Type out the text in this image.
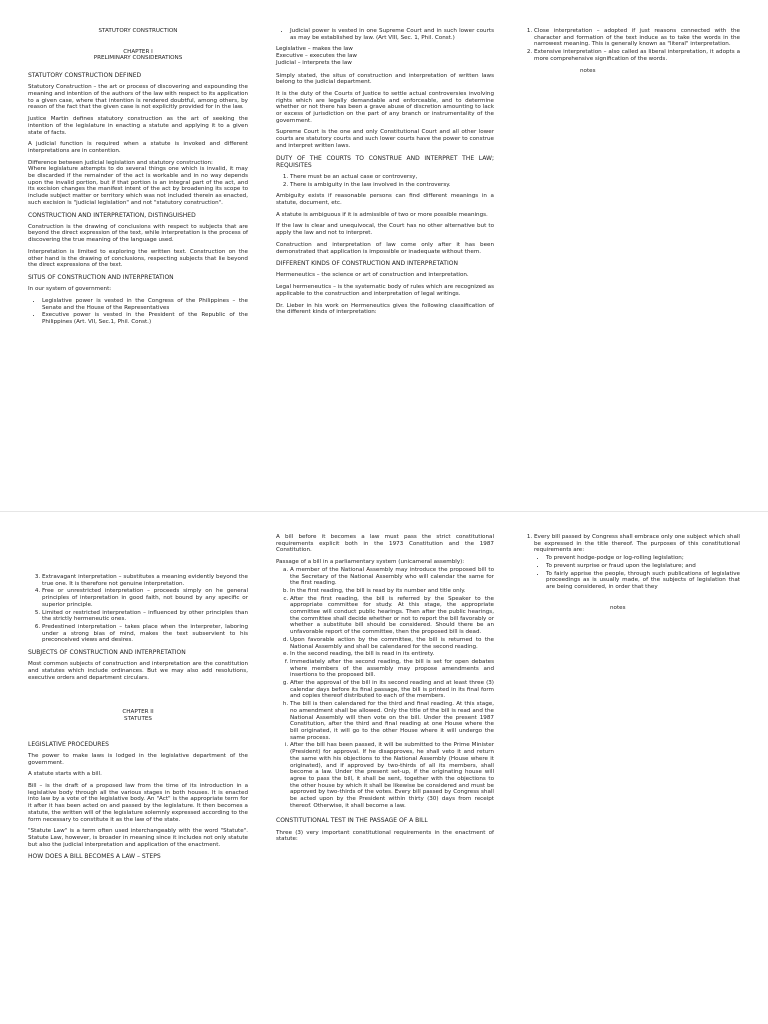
STATUTORY CONSTRUCTION

CHAPTER I

PRELIMINARY CONSIDERATIONS

STATUTORY CONSTRUCTION DEFINED

Statutory Construction – the art or process of discovering and expounding the meaning and intention of the authors of the law with respect to its application to a given case, where that intention is rendered doubtful, among others, by reason of the fact that the given case is not explicitly provided for in the law.

Justice Martin defines statutory construction as the art of seeking the intention of the legislature in enacting a statute and applying it to a given state of facts.

A judicial function is required when a statute is invoked and different interpretations are in contention.

Difference between judicial legislation and statutory construction:

Where legislature attempts to do several things one which is invalid, it may be discarded if the remainder of the act is workable and in no way depends upon the invalid portion, but if that portion is an integral part of the act, and its excision changes the manifest intent of the act by broadening its scope to include subject matter or territory which was not included therein as enacted, such excision is "judicial legislation" and not "statutory construction".

CONSTRUCTION AND INTERPRETATION, DISTINGUISHED

Construction is the drawing of conclusions with respect to subjects that are beyond the direct expression of the text, while interpretation is the process of discovering the true meaning of the language used.

Interpretation is limited to exploring the written text. Construction on the other hand is the drawing of conclusions, respecting subjects that lie beyond the direct expressions of the text.

SITUS OF CONSTRUCTION AND INTERPRETATION

In our system of government:

• Legislative power is vested in the Congress of the Philippines – the Senate and the House of the Representatives
• Executive power is vested in the President of the Republic of the Philippines (Art. VII, Sec.1, Phil. Const.)
• Judicial power is vested in one Supreme Court and in such lower courts as may be established by law. (Art VIII, Sec. 1, Phil. Const.)

Legislative – makes the law

Executive – executes the law

Judicial – interprets the law

Simply stated, the situs of construction and interpretation of written laws belong to the judicial department.

It is the duty of the Courts of Justice to settle actual controversies involving rights which are legally demandable and enforceable, and to determine whether or not there has been a grave abuse of discretion amounting to lack or excess of jurisdiction on the part of any branch or instrumentality of the government.

Supreme Court is the one and only Constitutional Court and all other lower courts are statutory courts and such lower courts have the power to construe and interpret written laws.

DUTY OF THE COURTS TO CONSTRUE AND INTERPRET THE LAW; REQUISITES

1. There must be an actual case or controversy,
2. There is ambiguity in the law involved in the controversy.

Ambiguity exists if reasonable persons can find different meanings in a statute, document, etc.

A statute is ambiguous if it is admissible of two or more possible meanings.

If the law is clear and unequivocal, the Court has no other alternative but to apply the law and not to interpret.

Construction and interpretation of law come only after it has been demonstrated that application is impossible or inadequate without them.

DIFFERENT KINDS OF CONSTRUCTION AND INTERPRETATION

Hermeneutics – the science or art of construction and interpretation.

Legal hermeneutics – is the systematic body of rules which are recognized as applicable to the construction and interpretation of legal writings.

Dr. Lieber in his work on Hermeneutics gives the following classification of the different kinds of interpretation:

1. Close interpretation – adopted if just reasons connected with the character and formation of the text induce as to take the words in the narrowest meaning. This is generally known as "literal" interpretation.
2. Extensive interpretation – also called as liberal interpretation, it adopts a more comprehensive signification of the words.

notes

3. Extravagant interpretation – substitutes a meaning evidently beyond the true one. It is therefore not genuine interpretation.
4. Free or unrestricted interpretation – proceeds simply on he general principles of interpretation in good faith, not bound by any specific or superior principle.
5. Limited or restricted interpretation – influenced by other principles than the strictly hermeneutic ones.
6. Predestined interpretation – takes place when the interpreter, laboring under a strong bias of mind, makes the text subservient to his preconceived views and desires.

SUBJECTS OF CONSTRUCTION AND INTERPRETATION

Most common subjects of construction and interpretation are the constitution and statutes which include ordinances. But we may also add resolutions, executive orders and department circulars.

CHAPTER II

STATUTES

LEGISLATIVE PROCEDURES

The power to make laws is lodged in the legislative department of the government.

A statute starts with a bill.

Bill – is the draft of a proposed law from the time of its introduction in a legislative body through all the various stages in both houses. It is enacted into law by a vote of the legislative body. An "Act" is the appropriate term for it after it has been acted on and passed by the legislature. It then becomes a statute, the written will of the legislature solemnly expressed according to the form necessary to constitute it as the law of the state.

"Statute Law" is a term often used interchangeably with the word "Statute". Statute Law, however, is broader in meaning since it includes not only statute but also the judicial interpretation and application of the enactment.

HOW DOES A BILL BECOMES A LAW – STEPS

A bill before it becomes a law must pass the strict constitutional requirements explicit both in the 1973 Constitution and the 1987 Constitution.

Passage of a bill in a parliamentary system (unicameral assembly):

a. A member of the National Assembly may introduce the proposed bill to the Secretary of the National Assembly who will calendar the same for the first reading.
b. In the first reading, the bill is read by its number and title only.
c. After the first reading, the bill is referred by the Speaker to the appropriate committee for study. At this stage, the appropriate committee will conduct public hearings. Then after the public hearings, the committee shall decide whether or not to report the bill favorably or whether a substitute bill should be considered. Should there be an unfavorable report of the committee, then the proposed bill is dead.
d. Upon favorable action by the committee, the bill is returned to the National Assembly and shall be calendared for the second reading.
e. In the second reading, the bill is read in its entirety.
f. Immediately after the second reading, the bill is set for open debates where members of the assembly may propose amendments and insertions to the proposed bill.
g. After the approval of the bill in its second reading and at least three (3) calendar days before its final passage, the bill is printed in its final form and copies thereof distributed to each of the members.
h. The bill is then calendared for the third and final reading. At this stage, no amendment shall be allowed. Only the title of the bill is read and the National Assembly will then vote on the bill. Under the present 1987 Constitution, after the third and final reading at one House where the bill originated, it will go to the other House where it will undergo the same process.
i. After the bill has been passed, it will be submitted to the Prime Minister (President) for approval. If he disapproves, he shall veto it and return the same with his objections to the National Assembly (House where it originated), and if approved by two-thirds of all its members, shall become a law. Under the present set-up, if the originating house will agree to pass the bill, it shall be sent, together with the objections to the other house by which it shall be likewise be considered and must be approved by two-thirds of the votes. Every bill passed by Congress shall be acted upon by the President within thirty (30) days from receipt thereof. Otherwise, it shall become a law.

CONSTITUTIONAL TEST IN THE PASSAGE OF A BILL

Three (3) very important constitutional requirements in the enactment of statute:

1. Every bill passed by Congress shall embrace only one subject which shall be expressed in the title thereof. The purposes of this constitutional requirements are:
• To prevent hodge-podge or log-rolling legislation;
• To prevent surprise or fraud upon the legislature; and
• To fairly apprise the people, through such publications of legislative proceedings as is usually made, of the subjects of legislation that are being considered, in order that they

notes
